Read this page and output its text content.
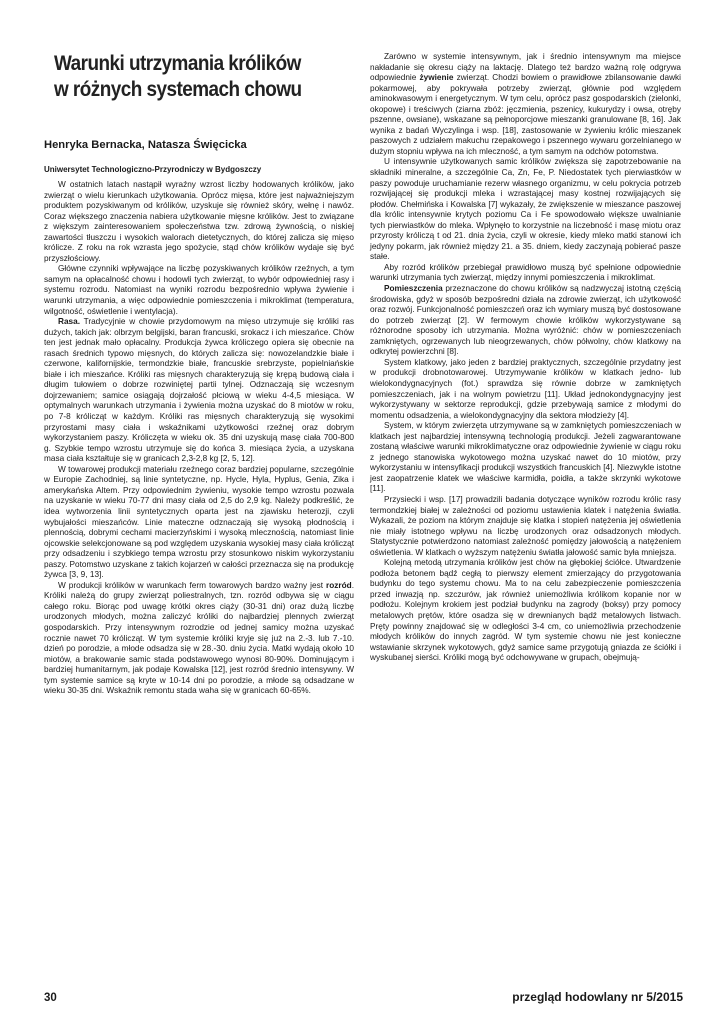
Warunki utrzymania królików
w różnych systemach chowu
Henryka Bernacka, Natasza Święcicka
Uniwersytet Technologiczno-Przyrodniczy w Bydgoszczy

W ostatnich latach nastąpił wyraźny wzrost liczby hodowanych królików, jako zwierząt o wielu kierunkach użytkowania. Oprócz mięsa, które jest najważniejszym produktem pozyskiwanym od królików, uzyskuje się również skóry, wełnę i nawóz. Coraz większego znaczenia nabiera użytkowanie mięsne królików. Jest to związane z większym zainteresowaniem społeczeństwa tzw. zdrową żywnością, o niskiej zawartości tłuszczu i wysokich walorach dietetycznych, do której zalicza się mięso królicze. Z roku na rok wzrasta jego spożycie, stąd chów królików wydaje się być przyszłościowy.

Główne czynniki wpływające na liczbę pozyskiwanych królików rzeźnych, a tym samym na opłacalność chowu i hodowli tych zwierząt, to wybór odpowiedniej rasy i systemu rozrodu. Natomiast na wyniki rozrodu bezpośrednio wpływa żywienie i warunki utrzymania, a więc odpowiednie pomieszczenia i mikroklimat (temperatura, wilgotność, oświetlenie i wentylacja).

Rasa. Tradycyjnie w chowie przydomowym na mięso utrzymuje się króliki ras dużych, takich jak: olbrzym belgijski, baran francuski, srokacz i ich mieszańce. Chów ten jest jednak mało opłacalny. Produkcja żywca króliczego opiera się obecnie na rasach średnich typowo mięsnych, do których zalicza się: nowozelandzkie białe i czerwone, kalifornijskie, termondzkie białe, francuskie srebrzyste, popielniańskie białe i ich mieszańce. Króliki ras mięsnych charakteryzują się krępą budową ciała i długim tułowiem o dobrze rozwiniętej partii tylnej. Odznaczają się wczesnym dojrzewaniem; samice osiągają dojrzałość płciową w wieku 4-4,5 miesiąca. W optymalnych warunkach utrzymania i żywienia można uzyskać do 8 miotów w roku, po 7-8 królicząt w każdym. Króliki ras mięsnych charakteryzują się wysokimi przyrostami masy ciała i wskaźnikami użytkowości rzeźnej oraz dobrym wykorzystaniem paszy. Króliczęta w wieku ok. 35 dni uzyskują masę ciała 700-800 g. Szybkie tempo wzrostu utrzymuje się do końca 3. miesiąca życia, a uzyskana masa ciała kształtuje się w granicach 2,3-2,8 kg [2, 5, 12].

W towarowej produkcji materiału rzeźnego coraz bardziej popularne, szczególnie w Europie Zachodniej, są linie syntetyczne, np. Hycle, Hyla, Hyplus, Genia, Zika i amerykańska Altem. Przy odpowiednim żywieniu, wysokie tempo wzrostu pozwala na uzyskanie w wieku 70-77 dni masy ciała od 2,5 do 2,9 kg. Należy podkreślić, że idea wytworzenia linii syntetycznych oparta jest na zjawisku heterozji, czyli wybujałości mieszańców. Linie mateczne odznaczają się wysoką płodnością i plennością, dobrymi cechami macierzyńskimi i wysoką mlecznością, natomiast linie ojcowskie selekcjonowane są pod względem uzyskania wysokiej masy ciała królicząt przy odsadzeniu i szybkiego tempa wzrostu przy stosunkowo niskim wykorzystaniu paszy. Potomstwo uzyskane z takich kojarzeń w całości przeznacza się na produkcję żywca [3, 9, 13].

W produkcji królików w warunkach ferm towarowych bardzo ważny jest rozród. Króliki należą do grupy zwierząt poliestralnych, tzn. rozród odbywa się w ciągu całego roku. Biorąc pod uwagę krótki okres ciąży (30-31 dni) oraz dużą liczbę urodzonych młodych, można zaliczyć króliki do najbardziej plennych zwierząt gospodarskich. Przy intensywnym rozrodzie od jednej samicy można uzyskać rocznie nawet 70 królicząt. W tym systemie króliki kryje się już na 2.-3. lub 7.-10. dzień po porodzie, a młode odsadza się w 28.-30. dniu życia. Matki wydają około 10 miotów, a brakowanie samic stada podstawowego wynosi 80-90%. Dominującym i bardziej humanitarnym, jak podaje Kowalska [12], jest rozród średnio intensywny. W tym systemie samice są kryte w 10-14 dni po porodzie, a młode są odsadzane w wieku 30-35 dni. Wskaźnik remontu stada waha się w granicach 60-65%.

Zarówno w systemie intensywnym, jak i średnio intensywnym ma miejsce nakładanie się okresu ciąży na laktację. Dlatego też bardzo ważną rolę odgrywa odpowiednie żywienie zwierząt. Chodzi bowiem o prawidłowe zbilansowanie dawki pokarmowej, aby pokrywała potrzeby zwierząt, głównie pod względem aminokwasowym i energetycznym. W tym celu, oprócz pasz gospodarskich (zielonki, okopowe) i treściwych (ziarna zbóż: jęczmienia, pszenicy, kukurydzy i owsa, otręby pszenne, owsiane), wskazane są pełnoporcjowe mieszanki granulowane [8, 16]. Jak wynika z badań Wyczylinga i wsp. [18], zastosowanie w żywieniu królic mieszanek paszowych z udziałem makuchu rzepakowego i pszennego wywaru gorzelnianego w dużym stopniu wpływa na ich mleczność, a tym samym na odchów potomstwa.

U intensywnie użytkowanych samic królików zwiększa się zapotrzebowanie na składniki mineralne, a szczególnie Ca, Zn, Fe, P. Niedostatek tych pierwiastków w paszy powoduje uruchamianie rezerw własnego organizmu, w celu pokrycia potrzeb rozwijającej się produkcji mleka i wzrastającej masy kostnej rozwijających się płodów. Chełmińska i Kowalska [7] wykazały, że zwiększenie w mieszance paszowej dla królic intensywnie krytych poziomu Ca i Fe spowodowało większe uwalnianie tych pierwiastków do mleka. Wpłynęło to korzystnie na liczebność i masę miotu oraz przyrosty króliczą t od 21. dnia życia, czyli w okresie, kiedy mleko matki stanowi ich jedyny pokarm, jak również między 21. a 35. dniem, kiedy zaczynają pobierać pasze stałe.

Aby rozród królików przebiegał prawidłowo muszą być spełnione odpowiednie warunki utrzymania tych zwierząt, między innymi pomieszczenia i mikroklimat.

Pomieszczenia przeznaczone do chowu królików są nadzwyczaj istotną częścią środowiska, gdyż w sposób bezpośredni działa na zdrowie zwierząt, ich użytkowość oraz rozwój. Funkcjonalność pomieszczeń oraz ich wymiary muszą być dostosowane do potrzeb zwierząt [2]. W fermowym chowie królików wykorzystywane są różnorodne sposoby ich utrzymania. Można wyróżnić: chów w pomieszczeniach zamkniętych, ogrzewanych lub nieogrzewanych, chów półwolny, chów klatkowy na odkrytej powierzchni [8].

System klatkowy, jako jeden z bardziej praktycznych, szczególnie przydatny jest w produkcji drobnotowarowej. Utrzymywanie królików w klatkach jedno- lub wielokondygnacyjnych (fot.) sprawdza się równie dobrze w zamkniętych pomieszczeniach, jak i na wolnym powietrzu [11]. Układ jednokondygnacyjny jest wykorzystywany w sektorze reprodukcji, gdzie przebywają samice z młodymi do momentu odsadzenia, a wielokondygnacyjny dla sektora młodzieży [4].

System, w którym zwierzęta utrzymywane są w zamkniętych pomieszczeniach w klatkach jest najbardziej intensywną technologią produkcji. Jeżeli zagwarantowane zostaną właściwe warunki mikroklimatyczne oraz odpowiednie żywienie w ciągu roku z jednego stanowiska wykotowego można uzyskać nawet do 10 miotów, przy wykorzystaniu w intensyfikacji produkcji wszystkich francuskich [4]. Niezwykle istotne jest zaopatrzenie klatek we właściwe karmidła, poidła, a także skrzynki wykotowe [11].

Przysiecki i wsp. [17] prowadzili badania dotyczące wyników rozrodu królic rasy termondzkiej białej w zależności od poziomu ustawienia klatek i natężenia światła. Wykazali, że poziom na którym znajduje się klatka i stopień natężenia jej oświetlenia nie miały istotnego wpływu na liczbę urodzonych oraz odsadzonych młodych. Statystycznie potwierdzono natomiast zależność pomiędzy jałowością a natężeniem oświetlenia. W klatkach o wyższym natężeniu światła jałowość samic była mniejsza.

Kolejną metodą utrzymania królików jest chów na głębokiej ściółce. Utwardzenie podłoża betonem bądź cegłą to pierwszy element zmierzający do przygotowania budynku do tego systemu chowu. Ma to na celu zabezpieczenie pomieszczenia przed inwazją np. szczurów, jak również uniemożliwia królikom kopanie nor w podłożu. Kolejnym krokiem jest podział budynku na zagrody (boksy) przy pomocy metalowych prętów, które osadza się w drewnianych bądź metalowych listwach. Pręty powinny znajdować się w odległości 3-4 cm, co uniemożliwia przechodzenie młodych królików do innych zagród. W tym systemie chowu nie jest konieczne wstawianie skrzynek wykotowych, gdyż samice same przygotują gniazda ze ściółki i wyskubanej sierści. Króliki mogą być odchowywane w grupach, obejmują-

30	przegląd hodowlany nr 5/2015
